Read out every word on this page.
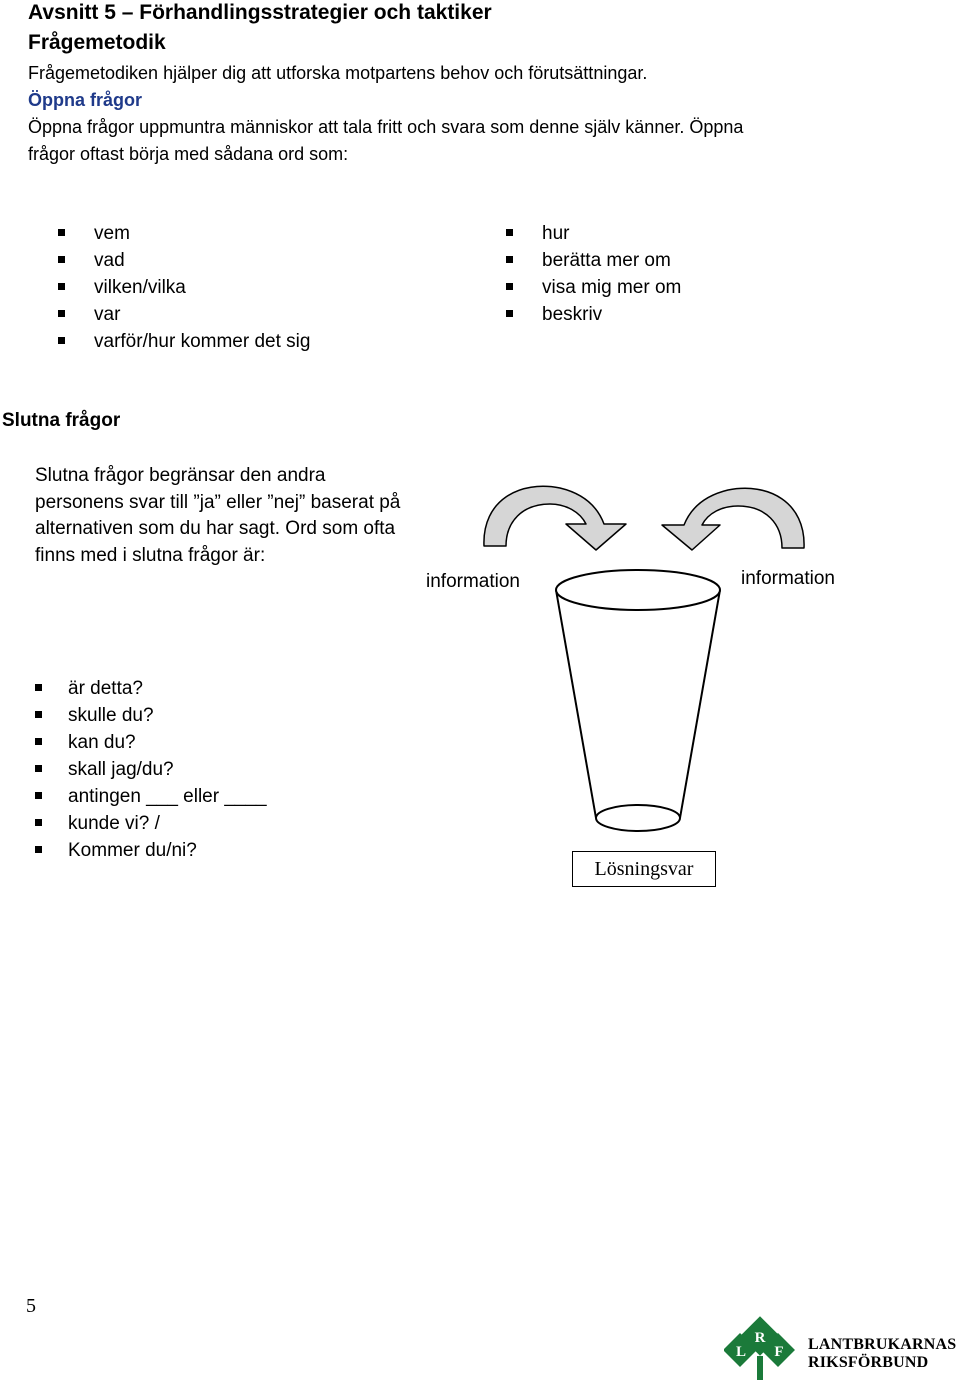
Avsnitt 5 – Förhandlingsstrategier och taktiker
Frågemetodik
Frågemetodiken hjälper dig att utforska motpartens behov och förutsättningar.
Öppna frågor
Öppna frågor uppmuntra människor att tala fritt och svara som denne själv känner. Öppna
frågor oftast börja med sådana ord som:
vem
vad
vilken/vilka
var
varför/hur kommer det sig
hur
berätta mer om
visa mig mer om
beskriv
Slutna frågor
Slutna frågor begränsar den andra personens svar till ”ja” eller ”nej” baserat på alternativen som du har sagt. Ord som ofta finns med i slutna frågor är:
är detta?
skulle du?
kan du?
skall jag/du?
antingen ___ eller ____
kunde vi? /
Kommer du/ni?
information	information
Lösningsvar
5
R
L F LANTBRUKARNAS
RIKSFÖRBUND
